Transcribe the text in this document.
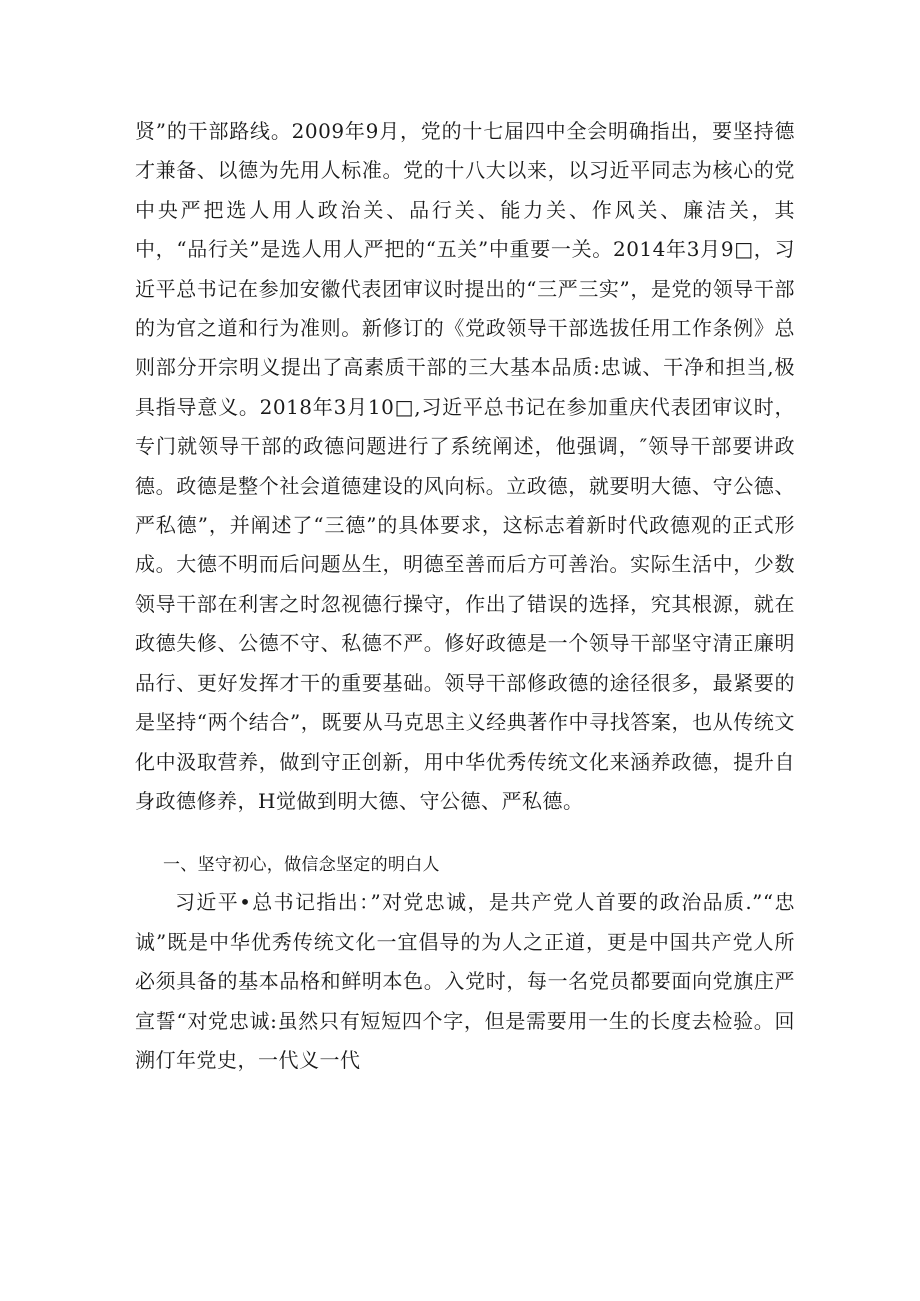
贤”的干部路线。2009年9月，党的十七届四中全会明确指出，要坚持德才兼备、以德为先用人标准。党的十八大以来，以习近平同志为核心的党中央严把选人用人政治关、品行关、能力关、作风关、廉洁关，其中，“品行关”是选人用人严把的“五关”中重要一关。2014年3月9□，习近平总书记在参加安徽代表团审议时提出的“三严三实”，是党的领导干部的为官之道和行为准则。新修订的《党政领导干部选拔任用工作条例》总则部分开宗明义提出了高素质干部的三大基本品质:忠诚、干净和担当,极具指导意义。2018年3月10□,习近平总书记在参加重庆代表团审议时，专门就领导干部的政德问题进行了系统阐述，他强调，″领导干部要讲政德。政德是整个社会道德建设的风向标。立政德，就要明大德、守公德、严私德”，并阐述了“三德”的具体要求，这标志着新时代政德观的正式形成。大德不明而后问题丛生，明德至善而后方可善治。实际生活中，少数领导干部在利害之时忽视德行操守，作出了错误的选择，究其根源，就在政德失修、公德不守、私德不严。修好政德是一个领导干部坚守清正廉明品行、更好发挥才干的重要基础。领导干部修政德的途径很多，最紧要的是坚持“两个结合”，既要从马克思主义经典著作中寻找答案，也从传统文化中汲取营养，做到守正创新，用中华优秀传统文化来涵养政德，提升自身政德修养，H觉做到明大德、守公德、严私德。

一、坚守初心，做信念坚定的明白人

习近平•总书记指出：”对党忠诚，是共产党人首要的政治品质.”“忠诚”既是中华优秀传统文化一宜倡导的为人之正道，更是中国共产党人所必须具备的基本品格和鲜明本色。入党时，每一名党员都要面向党旗庄严宣誓“对党忠诚:虽然只有短短四个字，但是需要用一生的长度去检验。回溯仃年党史，一代义一代
